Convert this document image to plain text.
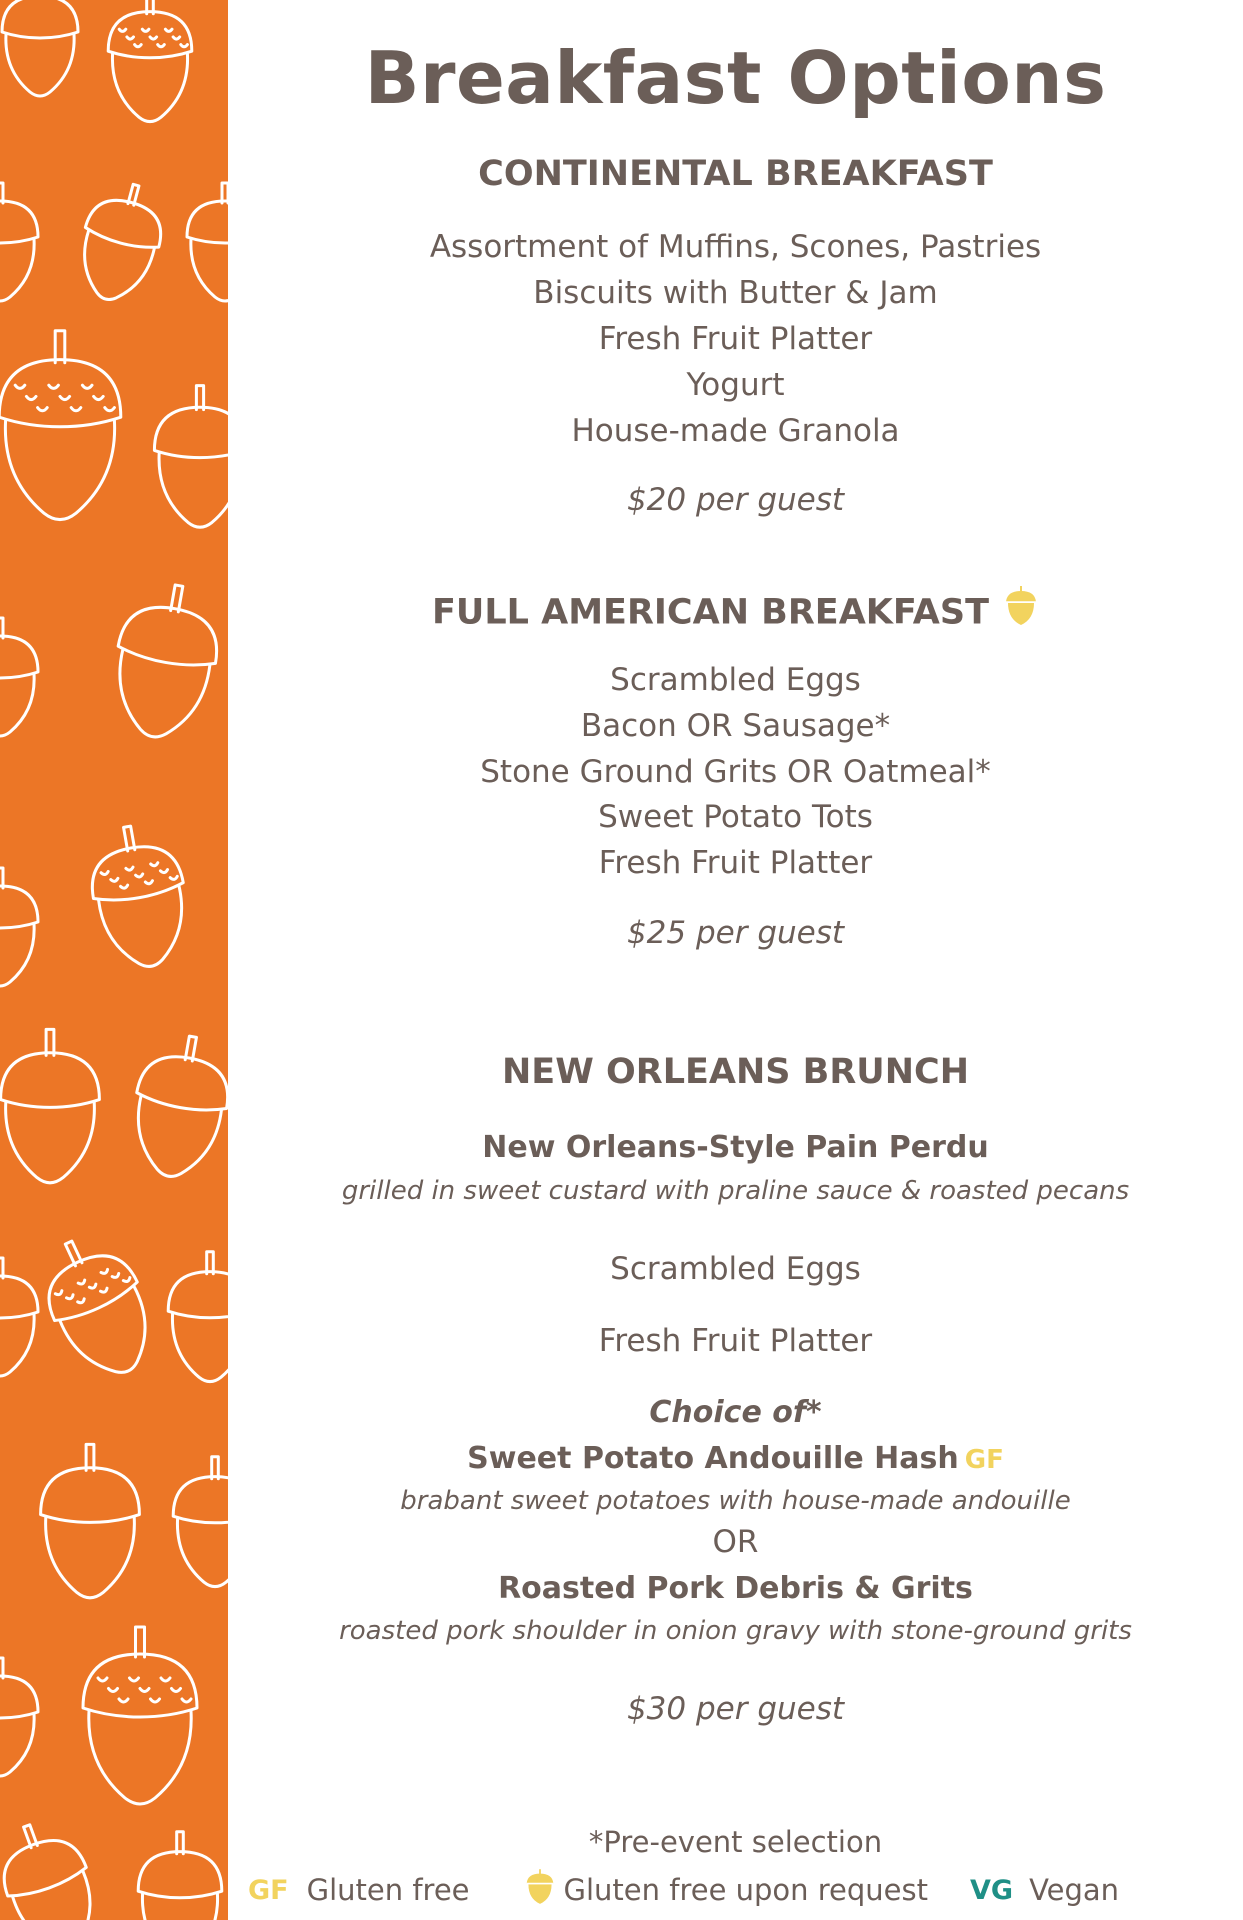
Breakfast Options
CONTINENTAL BREAKFAST
Assortment of Muffins, Scones, Pastries
Biscuits with Butter & Jam
Fresh Fruit Platter
Yogurt
House-made Granola
$20 per guest
FULL AMERICAN BREAKFAST
Scrambled Eggs
Bacon OR Sausage*
Stone Ground Grits OR Oatmeal*
Sweet Potato Tots
Fresh Fruit Platter
$25 per guest
NEW ORLEANS BRUNCH
New Orleans-Style Pain Perdu
grilled in sweet custard with praline sauce & roasted pecans
Scrambled Eggs
Fresh Fruit Platter
Choice of*
Sweet Potato Andouille Hash GF
brabant sweet potatoes with house-made andouille
OR
Roasted Pork Debris & Grits
roasted pork shoulder in onion gravy with stone-ground grits
$30 per guest
*Pre-event selection
GF Gluten free	Gluten free upon request VG Vegan
